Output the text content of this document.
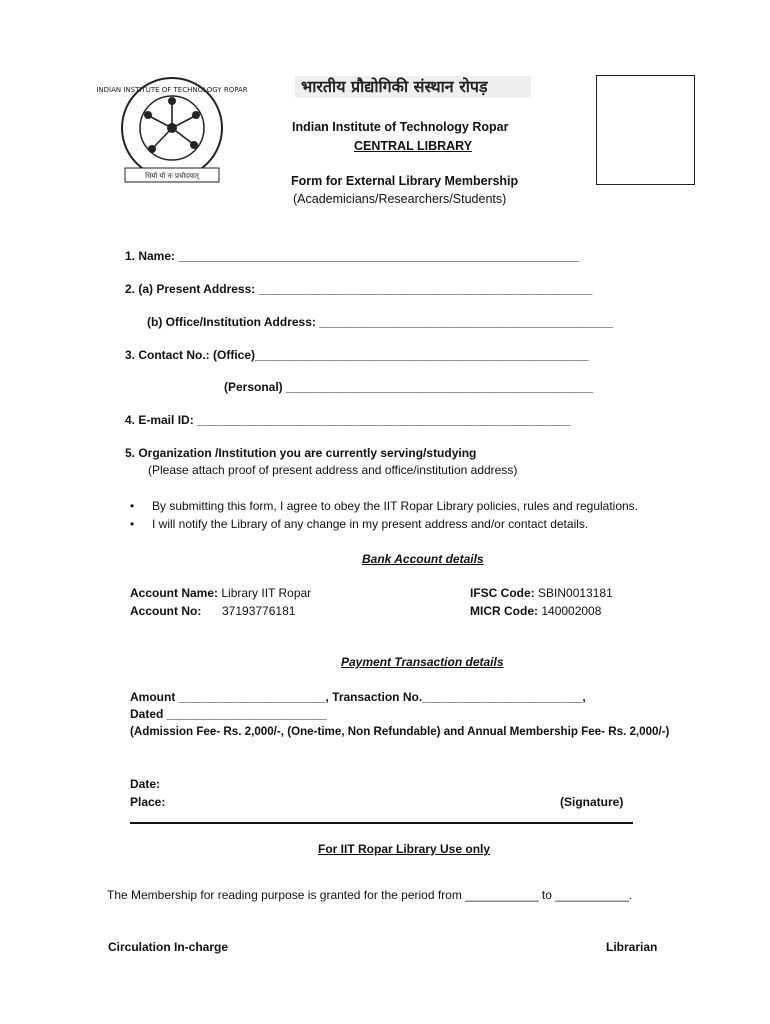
INDIAN INSTITUTE OF TECHNOLOGY ROPAR
धियो यो नः प्रचोदयात्
भारतीय प्रौद्योगिकी संस्थान रोपड़
Indian Institute of Technology Ropar
CENTRAL LIBRARY
Form for External Library Membership
(Academicians/Researchers/Students)
1. Name: ____________________________________________________________
2. (a) Present Address: __________________________________________________
(b) Office/Institution Address: ____________________________________________
3. Contact No.: (Office)__________________________________________________
(Personal) ______________________________________________
4. E-mail ID: ________________________________________________________
5. Organization /Institution you are currently serving/studying
(Please attach proof of present address and office/institution address)
• By submitting this form, I agree to obey the IIT Ropar Library policies, rules and regulations.
• I will notify the Library of any change in my present address and/or contact details.
Bank Account details
Account Name: Library IIT Ropar
Account No: 37193776181
IFSC Code: SBIN0013181
MICR Code: 140002008
Payment Transaction details
Amount ______________________, Transaction No.________________________,
Dated ________________________
(Admission Fee- Rs. 2,000/-, (One-time, Non Refundable) and Annual Membership Fee- Rs. 2,000/-)
Date:
Place:	(Signature)
For IIT Ropar Library Use only
The Membership for reading purpose is granted for the period from ___________ to ___________.
Circulation In-charge	Librarian
